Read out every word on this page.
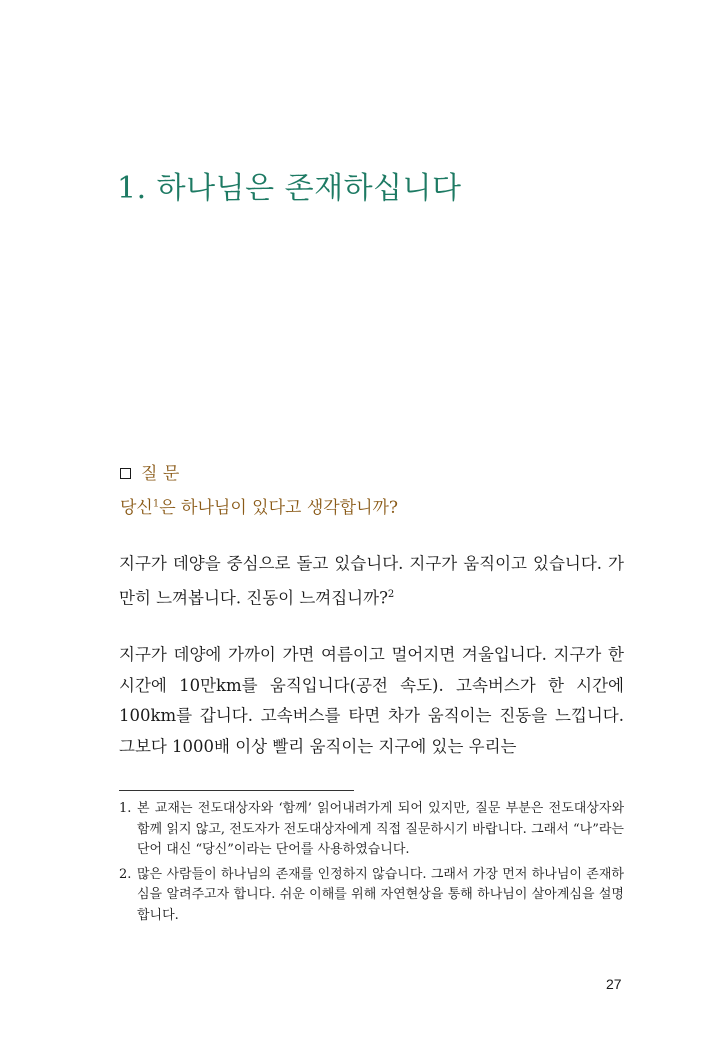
1. 하나님은 존재하십니다
질 문
당신$^1$은 하나님이 있다고 생각합니까?

지구가 데양을 중심으로 돌고 있습니다. 지구가 움직이고 있습니다. 가만히 느껴봅니다. 진동이 느껴집니까?$^2$

지구가 데양에 가까이 가면 여름이고 멀어지면 겨울입니다. 지구가 한 시간에 10만km를 움직입니다(공전 속도). 고속버스가 한 시간에 100km를 갑니다. 고속버스를 타면 차가 움직이는 진동을 느낍니다. 그보다 1000배 이상 빨리 움직이는 지구에 있는 우리는

1. 본 교재는 전도대상자와 ‘함께’ 읽어내려가게 되어 있지만, 질문 부분은 전도대상자와 함께 읽지 않고, 전도자가 전도대상자에게 직접 질문하시기 바랍니다. 그래서 “나”라는 단어 대신 “당신”이라는 단어를 사용하였습니다.
2. 많은 사람들이 하나님의 존재를 인정하지 않습니다. 그래서 가장 먼저 하나님이 존재하심을 알려주고자 합니다. 쉬운 이해를 위해 자연현상을 통해 하나님이 살아계심을 설명합니다.
27
